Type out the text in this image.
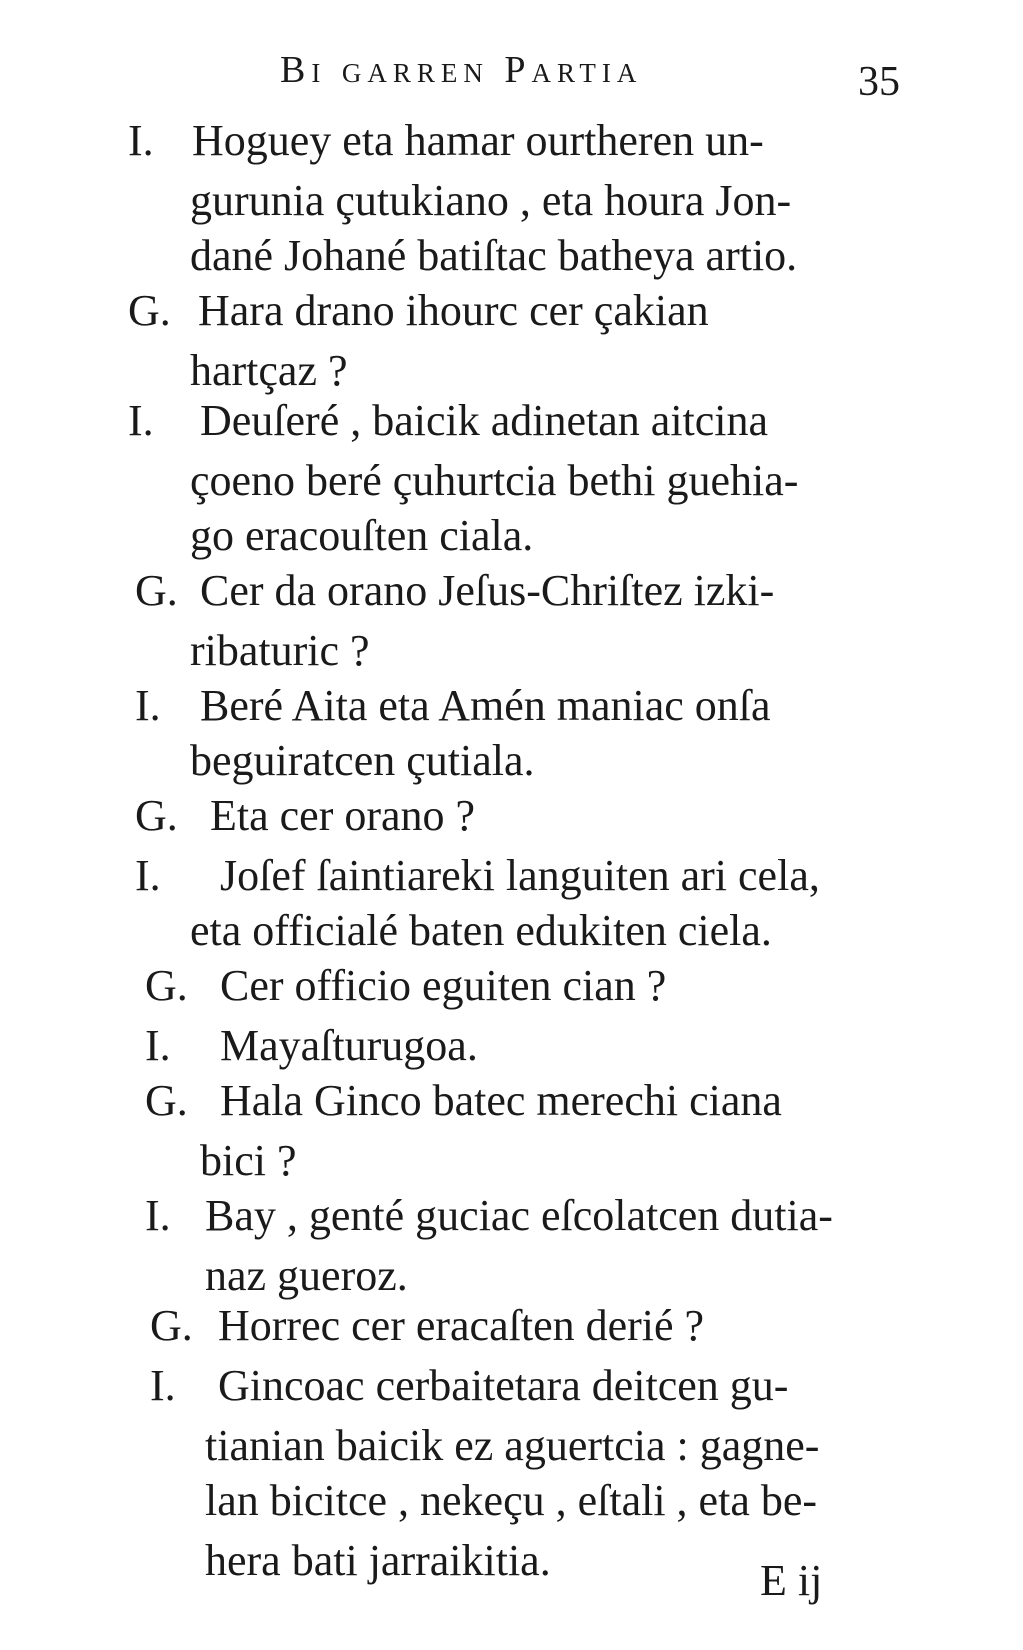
Bi garren Partia	35
I. Hoguey eta hamar ourtheren un-
gurunia çutukiano , eta houra Jon-
dané Johané batiſtac batheya artio.
G. Hara drano ihourc cer çakian
hartçaz ?
I. Deuſeré , baicik adinetan aitcina
çoeno beré çuhurtcia bethi guehia-
go eracouſten ciala.
G. Cer da orano Jeſus-Chriſtez izki-
ribaturic ?
I. Beré Aita eta Amén maniac onſa
beguiratcen çutiala.
G. Eta cer orano ?
I. Joſef ſaintiareki languiten ari cela,
eta officialé baten edukiten ciela.
G. Cer officio eguiten cian ?
I. Mayaſturugoa.
G. Hala Ginco batec merechi ciana
bici ?
I. Bay , genté guciac eſcolatcen dutia-
naz gueroz.
G. Horrec cer eracaſten derié ?
I. Gincoac cerbaitetara deitcen gu-
tianian baicik ez aguertcia : gagne-
lan bicitce , nekeçu , eſtali , eta be-
hera bati jarraikitia.	E ij
